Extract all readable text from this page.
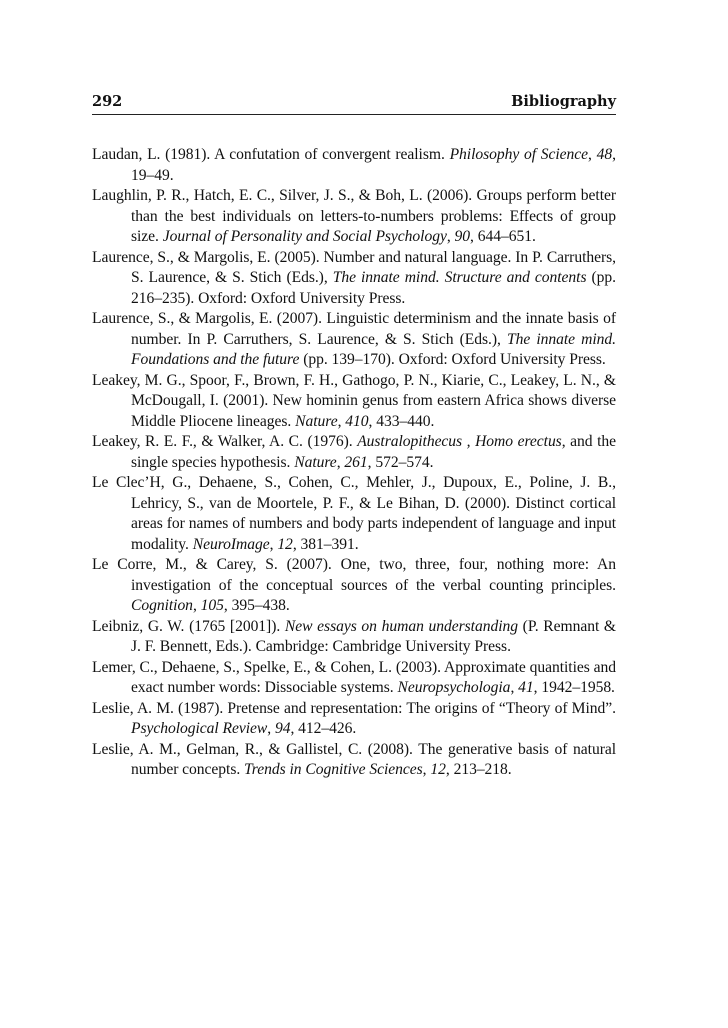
292	Bibliography

Laudan, L. (1981). A confutation of convergent realism. Philosophy of Science, 48, 19–49.

Laughlin, P. R., Hatch, E. C., Silver, J. S., & Boh, L. (2006). Groups perform better than the best individuals on letters-to-numbers problems: Effects of group size. Journal of Personality and Social Psychology, 90, 644–651.

Laurence, S., & Margolis, E. (2005). Number and natural language. In P. Carruthers, S. Laurence, & S. Stich (Eds.), The innate mind. Structure and contents (pp. 216–235). Oxford: Oxford University Press.

Laurence, S., & Margolis, E. (2007). Linguistic determinism and the innate basis of number. In P. Carruthers, S. Laurence, & S. Stich (Eds.), The innate mind. Foundations and the future (pp. 139–170). Oxford: Oxford University Press.

Leakey, M. G., Spoor, F., Brown, F. H., Gathogo, P. N., Kiarie, C., Leakey, L. N., & McDougall, I. (2001). New hominin genus from eastern Africa shows diverse Middle Pliocene lineages. Nature, 410, 433–440.

Leakey, R. E. F., & Walker, A. C. (1976). Australopithecus , Homo erectus, and the single species hypothesis. Nature, 261, 572–574.

Le Clec’H, G., Dehaene, S., Cohen, C., Mehler, J., Dupoux, E., Poline, J. B., Lehricy, S., van de Moortele, P. F., & Le Bihan, D. (2000). Distinct cortical areas for names of numbers and body parts independent of language and input modality. NeuroImage, 12, 381–391.

Le Corre, M., & Carey, S. (2007). One, two, three, four, nothing more: An investigation of the conceptual sources of the verbal counting principles. Cognition, 105, 395–438.

Leibniz, G. W. (1765 [2001]). New essays on human understanding (P. Remnant & J. F. Bennett, Eds.). Cambridge: Cambridge University Press.

Lemer, C., Dehaene, S., Spelke, E., & Cohen, L. (2003). Approximate quantities and exact number words: Dissociable systems. Neuropsychologia, 41, 1942–1958.

Leslie, A. M. (1987). Pretense and representation: The origins of “Theory of Mind”. Psychological Review, 94, 412–426.

Leslie, A. M., Gelman, R., & Gallistel, C. (2008). The generative basis of natural number concepts. Trends in Cognitive Sciences, 12, 213–218.
